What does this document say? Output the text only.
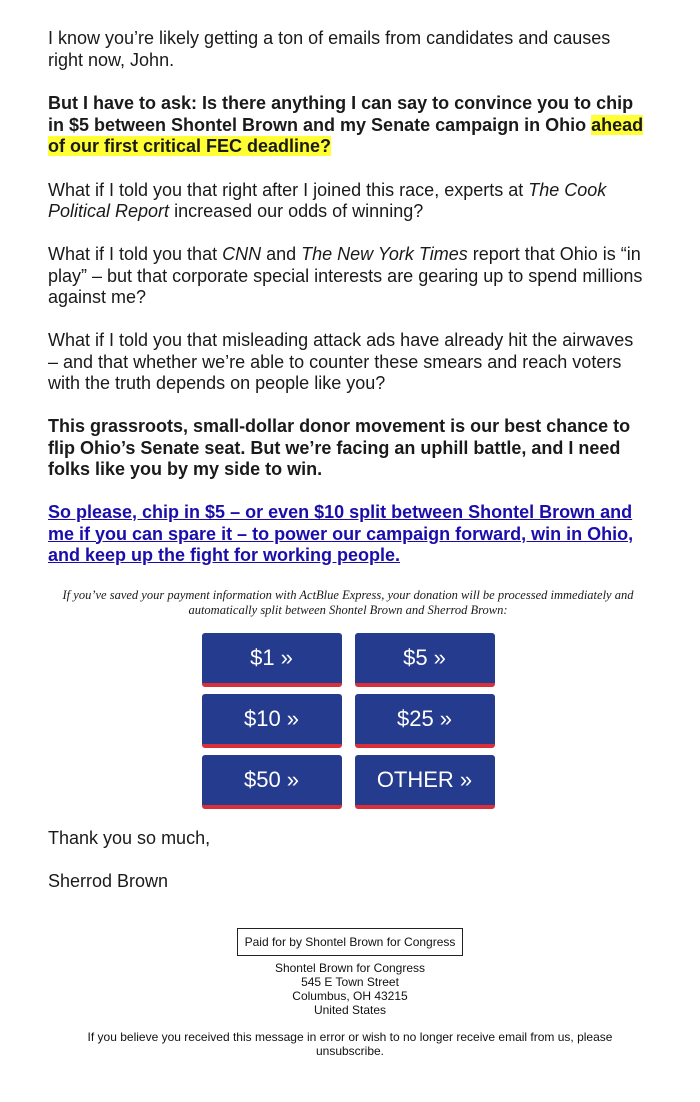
I know you’re likely getting a ton of emails from candidates and causes right now, John.

But I have to ask: Is there anything I can say to convince you to chip in $5 between Shontel Brown and my Senate campaign in Ohio ahead of our first critical FEC deadline?

What if I told you that right after I joined this race, experts at The Cook Political Report increased our odds of winning?

What if I told you that CNN and The New York Times report that Ohio is “in play” – but that corporate special interests are gearing up to spend millions against me?

What if I told you that misleading attack ads have already hit the airwaves – and that whether we’re able to counter these smears and reach voters with the truth depends on people like you?

This grassroots, small-dollar donor movement is our best chance to flip Ohio’s Senate seat. But we’re facing an uphill battle, and I need folks like you by my side to win.

So please, chip in $5 – or even $10 split between Shontel Brown and me if you can spare it – to power our campaign forward, win in Ohio, and keep up the fight for working people.

If you’ve saved your payment information with ActBlue Express, your donation will be processed immediately and automatically split between Shontel Brown and Sherrod Brown:
$1 »	$5 »
$10 »	$25 »
$50 »	OTHER »
Thank you so much,
Sherrod Brown
Paid for by Shontel Brown for Congress
Shontel Brown for Congress
545 E Town Street
Columbus, OH 43215
United States
If you believe you received this message in error or wish to no longer receive email from us, please unsubscribe.
